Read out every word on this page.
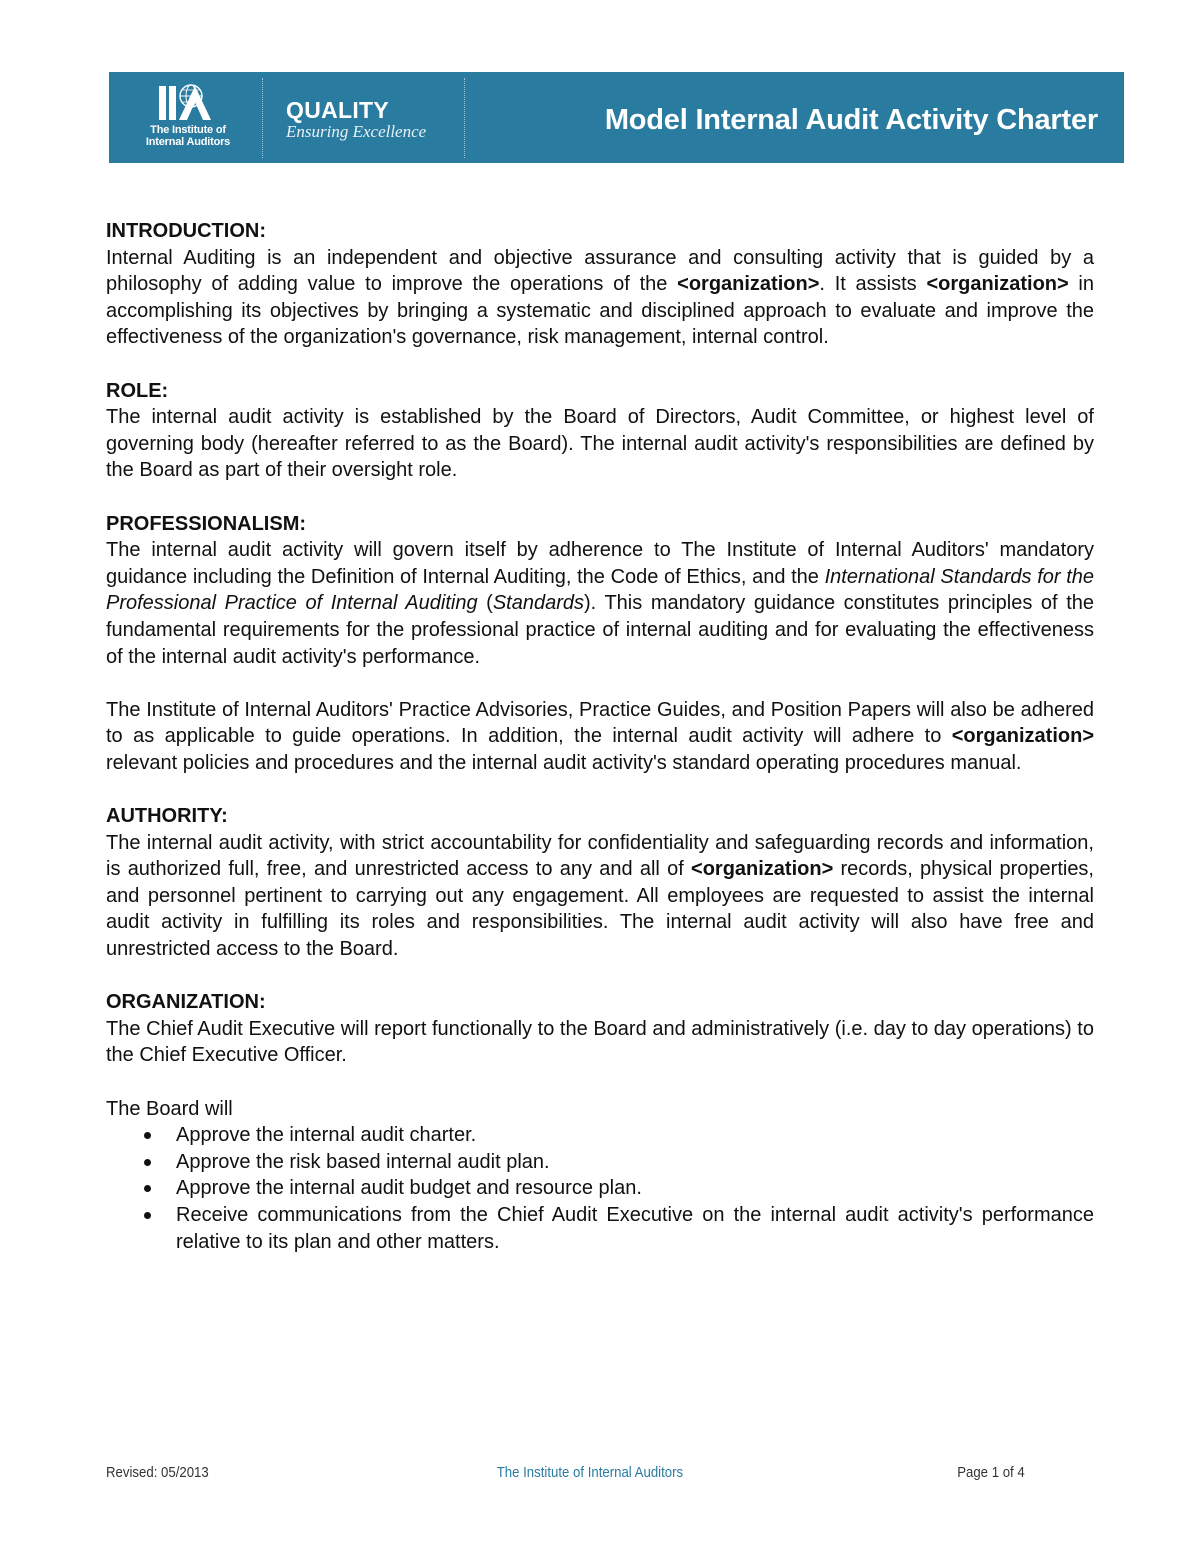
The Institute of
Internal Auditors
QUALITY
Ensuring Excellence	Model Internal Audit Activity Charter
INTRODUCTION:

Internal Auditing is an independent and objective assurance and consulting activity that is guided by a philosophy of adding value to improve the operations of the <organization>. It assists <organization> in accomplishing its objectives by bringing a systematic and disciplined approach to evaluate and improve the effectiveness of the organization's governance, risk management, internal control.

ROLE:

The internal audit activity is established by the Board of Directors, Audit Committee, or highest level of governing body (hereafter referred to as the Board). The internal audit activity's responsibilities are defined by the Board as part of their oversight role.

PROFESSIONALISM:

The internal audit activity will govern itself by adherence to The Institute of Internal Auditors' mandatory guidance including the Definition of Internal Auditing, the Code of Ethics, and the International Standards for the Professional Practice of Internal Auditing (Standards). This mandatory guidance constitutes principles of the fundamental requirements for the professional practice of internal auditing and for evaluating the effectiveness of the internal audit activity's performance.

The Institute of Internal Auditors' Practice Advisories, Practice Guides, and Position Papers will also be adhered to as applicable to guide operations. In addition, the internal audit activity will adhere to <organization> relevant policies and procedures and the internal audit activity's standard operating procedures manual.

AUTHORITY:

The internal audit activity, with strict accountability for confidentiality and safeguarding records and information, is authorized full, free, and unrestricted access to any and all of <organization> records, physical properties, and personnel pertinent to carrying out any engagement. All employees are requested to assist the internal audit activity in fulfilling its roles and responsibilities. The internal audit activity will also have free and unrestricted access to the Board.

ORGANIZATION:

The Chief Audit Executive will report functionally to the Board and administratively (i.e. day to day operations) to the Chief Executive Officer.

The Board will

Approve the internal audit charter.
Approve the risk based internal audit plan.
Approve the internal audit budget and resource plan.
Receive communications from the Chief Audit Executive on the internal audit activity's performance relative to its plan and other matters.
Revised: 05/2013	The Institute of Internal Auditors	Page 1 of 4
